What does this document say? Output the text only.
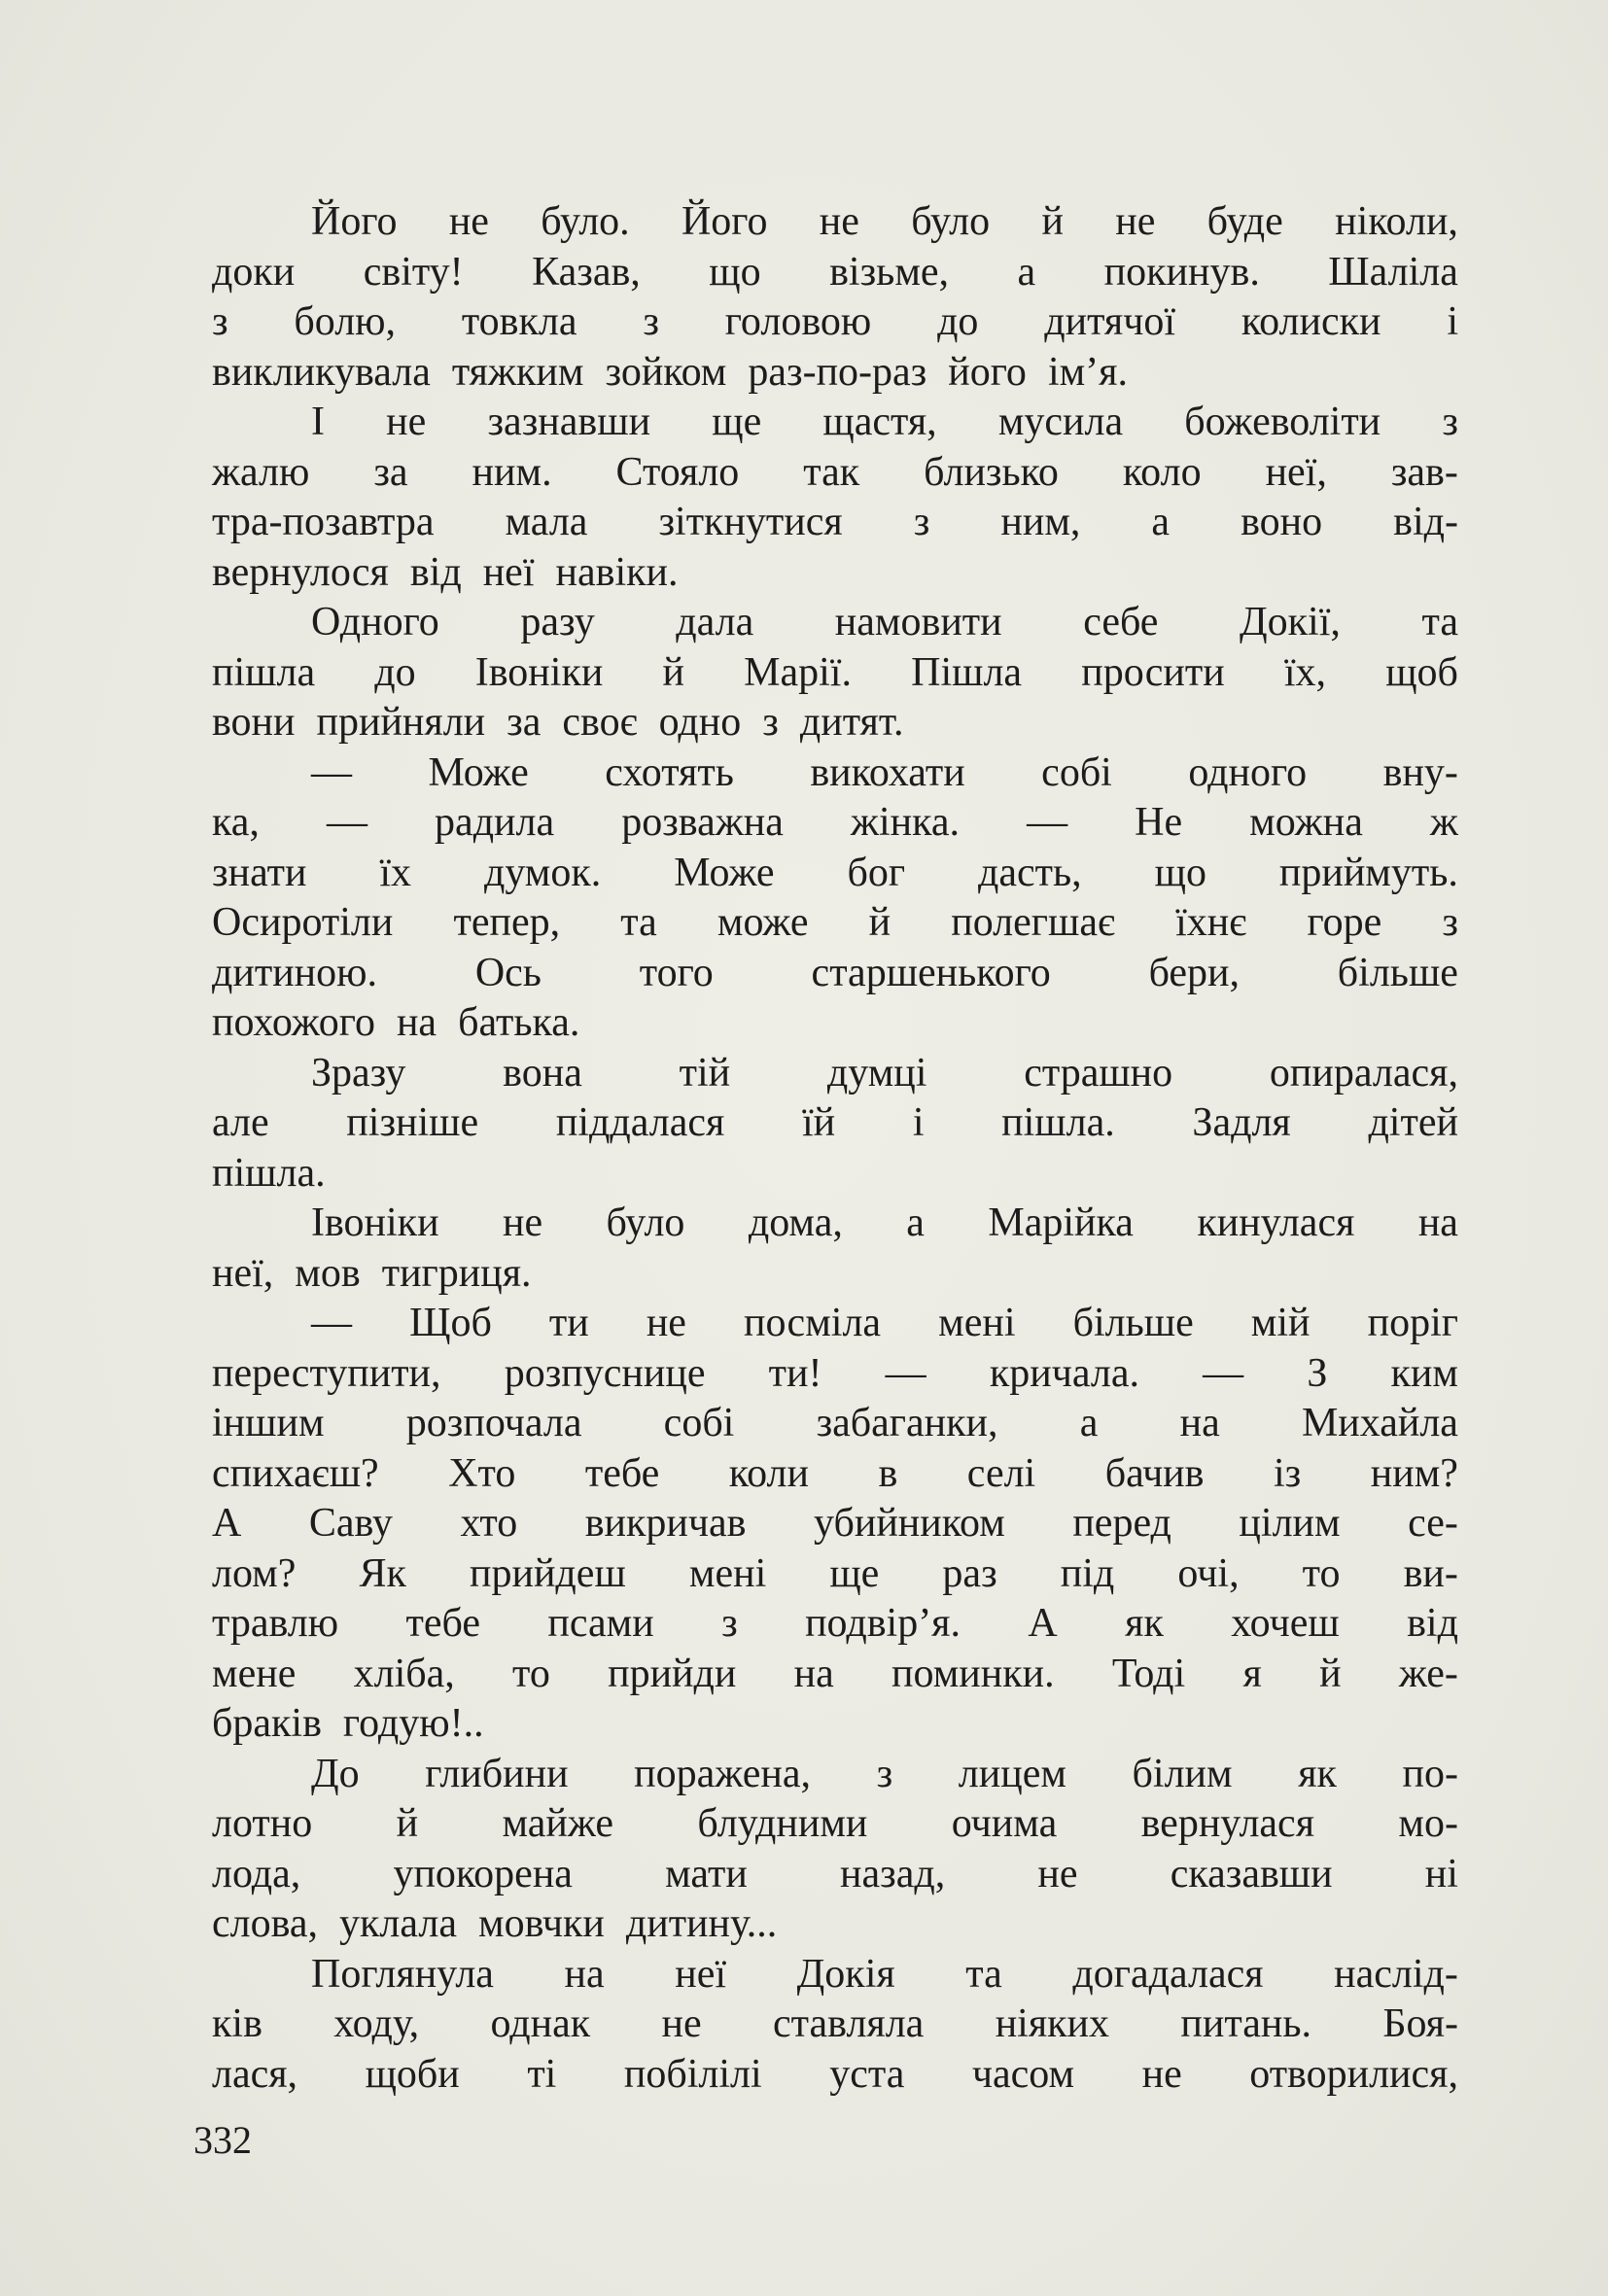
Його не було. Його не було й не буде ніколи,
доки світу! Казав, що візьме, а покинув. Шаліла
з болю, товкла з головою до дитячої колиски і
викликувала тяжким зойком раз-по-раз його ім’я.
І не зазнавши ще щастя, мусила божеволіти з
жалю за ним. Стояло так близько коло неї, зав-
тра-позавтра мала зіткнутися з ним, а воно від-
вернулося від неї навіки.
Одного разу дала намовити себе Докії, та
пішла до Івоніки й Марії. Пішла просити їх, щоб
вони прийняли за своє одно з дитят.
— Може схотять викохати собі одного вну-
ка, — радила розважна жінка. — Не можна ж
знати їх думок. Може бог дасть, що приймуть.
Осиротіли тепер, та може й полегшає їхнє горе з
дитиною. Ось того старшенького бери, більше
похожого на батька.
Зразу вона тій думці страшно опиралася,
але пізніше піддалася їй і пішла. Задля дітей
пішла.
Івоніки не було дома, а Марійка кинулася на
неї, мов тигриця.
— Щоб ти не посміла мені більше мій поріг
переступити, розпуснице ти! — кричала. — З ким
іншим розпочала собі забаганки, а на Михайла
спихаєш? Хто тебе коли в селі бачив із ним?
А Саву хто викричав убийником перед цілим се-
лом? Як прийдеш мені ще раз під очі, то ви-
травлю тебе псами з подвір’я. А як хочеш від
мене хліба, то прийди на поминки. Тоді я й же-
браків годую!..
До глибини поражена, з лицем білим як по-
лотно й майже блудними очима вернулася мо-
лода, упокорена мати назад, не сказавши ні
слова, уклала мовчки дитину...
Поглянула на неї Докія та догадалася наслід-
ків ходу, однак не ставляла ніяких питань. Боя-
лася, щоби ті побілілі уста часом не отворилися,
332
